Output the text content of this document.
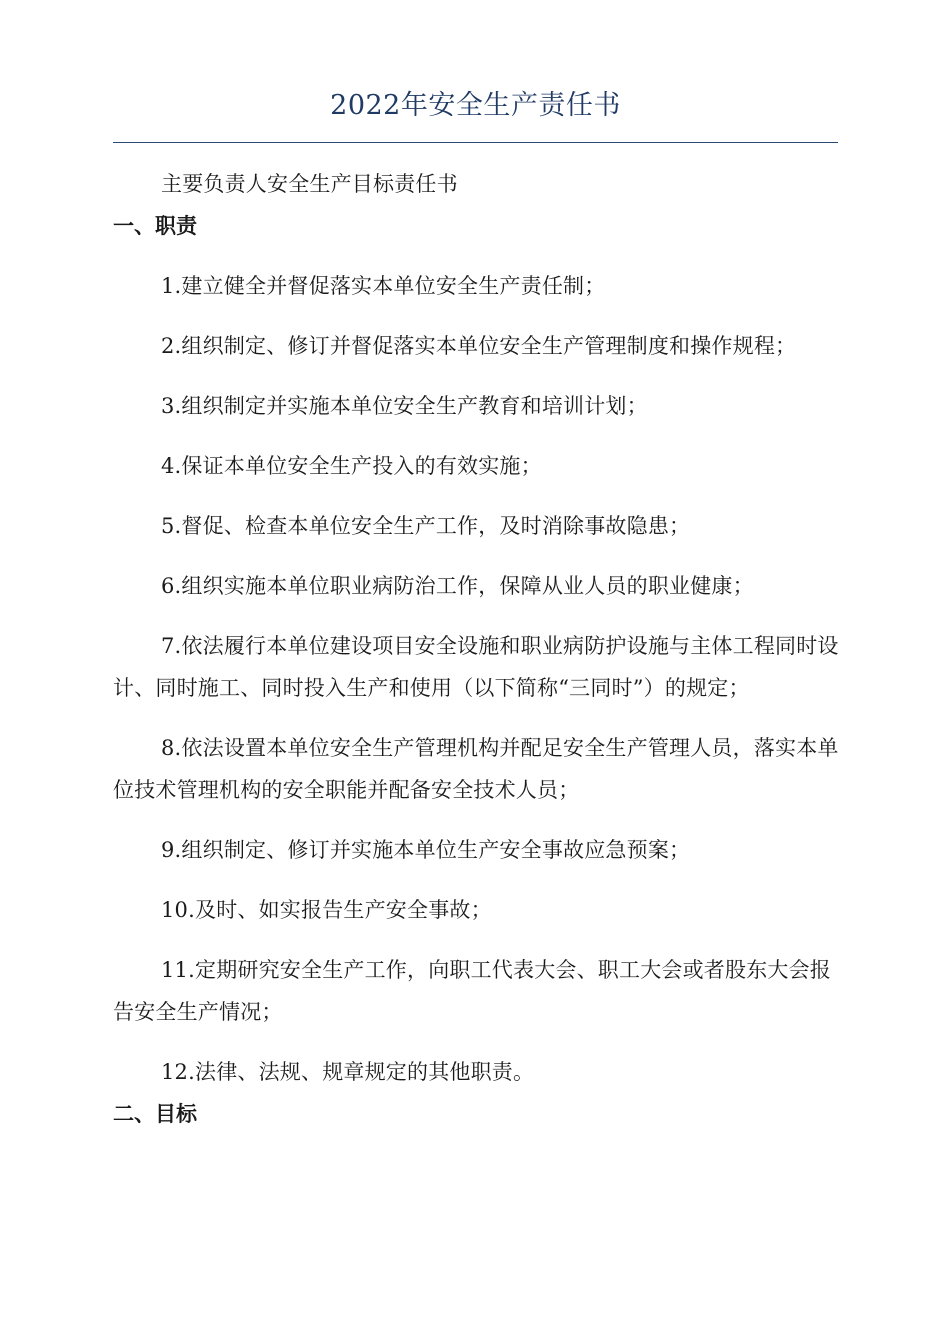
2022年安全生产责任书

主要负责人安全生产目标责任书

一、职责

1.建立健全并督促落实本单位安全生产责任制；

2.组织制定、修订并督促落实本单位安全生产管理制度和操作规程；

3.组织制定并实施本单位安全生产教育和培训计划；

4.保证本单位安全生产投入的有效实施；

5.督促、检查本单位安全生产工作，及时消除事故隐患；

6.组织实施本单位职业病防治工作，保障从业人员的职业健康；

7.依法履行本单位建设项目安全设施和职业病防护设施与主体工程同时设计、同时施工、同时投入生产和使用（以下简称“三同时”）的规定；

8.依法设置本单位安全生产管理机构并配足安全生产管理人员，落实本单位技术管理机构的安全职能并配备安全技术人员；

9.组织制定、修订并实施本单位生产安全事故应急预案；

10.及时、如实报告生产安全事故；

11.定期研究安全生产工作，向职工代表大会、职工大会或者股东大会报告安全生产情况；

12.法律、法规、规章规定的其他职责。

二、目标
